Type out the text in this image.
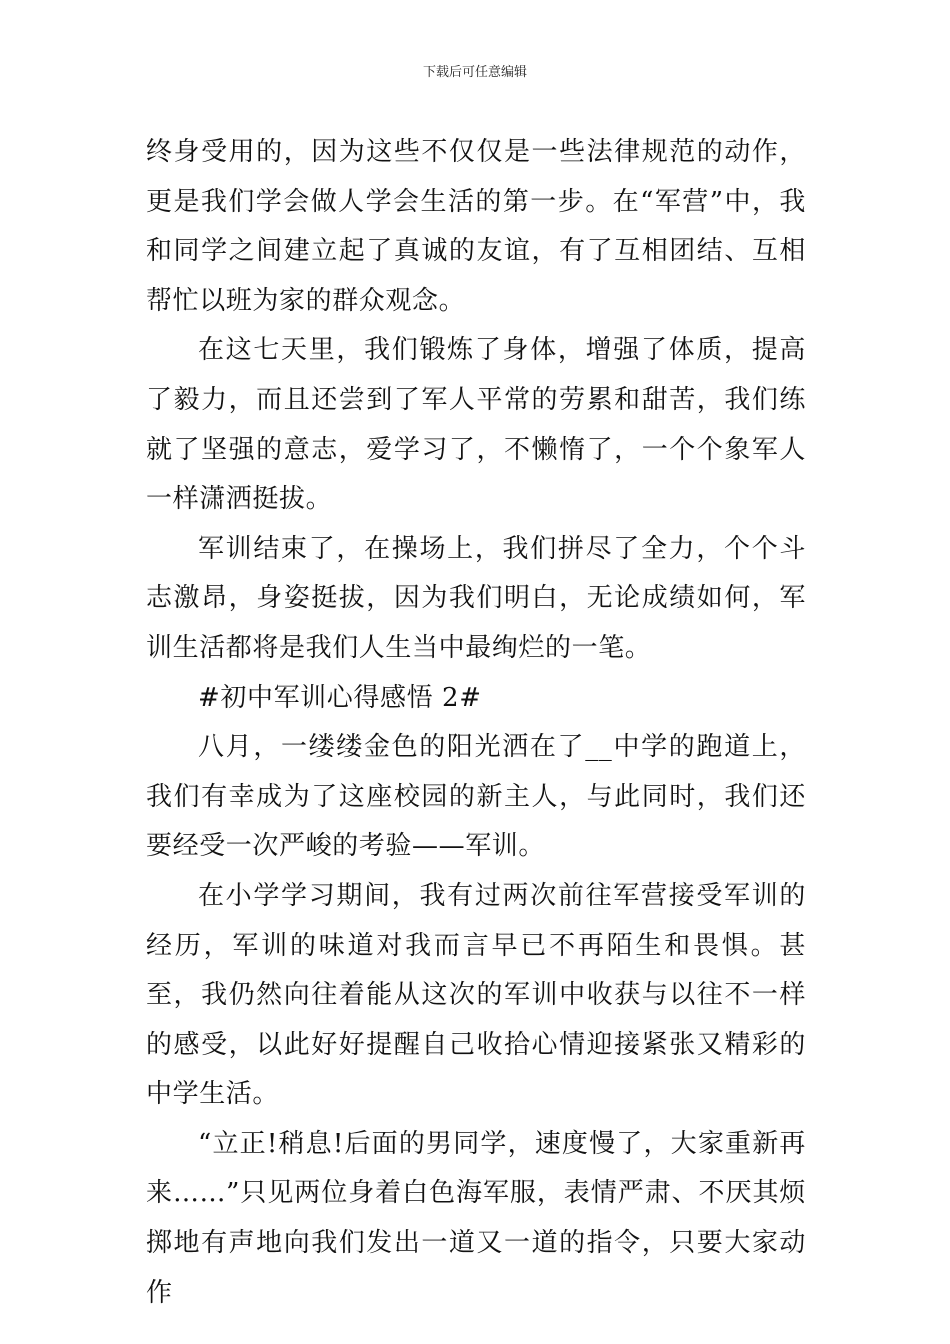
下载后可任意编辑

终身受用的，因为这些不仅仅是一些法律规范的动作，更是我们学会做人学会生活的第一步。在“军营”中，我和同学之间建立起了真诚的友谊，有了互相团结、互相帮忙以班为家的群众观念。

在这七天里，我们锻炼了身体，增强了体质，提高了毅力，而且还尝到了军人平常的劳累和甜苦，我们练就了坚强的意志，爱学习了，不懒惰了，一个个象军人一样潇洒挺拔。

军训结束了，在操场上，我们拼尽了全力，个个斗志激昂，身姿挺拔，因为我们明白，无论成绩如何，军训生活都将是我们人生当中最绚烂的一笔。

#初中军训心得感悟 2#

八月，一缕缕金色的阳光洒在了__中学的跑道上，我们有幸成为了这座校园的新主人，与此同时，我们还要经受一次严峻的考验——军训。

在小学学习期间，我有过两次前往军营接受军训的经历，军训的味道对我而言早已不再陌生和畏惧。甚至，我仍然向往着能从这次的军训中收获与以往不一样的感受，以此好好提醒自己收拾心情迎接紧张又精彩的中学生活。

“立正!稍息!后面的男同学，速度慢了，大家重新再来……”只见两位身着白色海军服，表情严肃、不厌其烦掷地有声地向我们发出一道又一道的指令，只要大家动作
